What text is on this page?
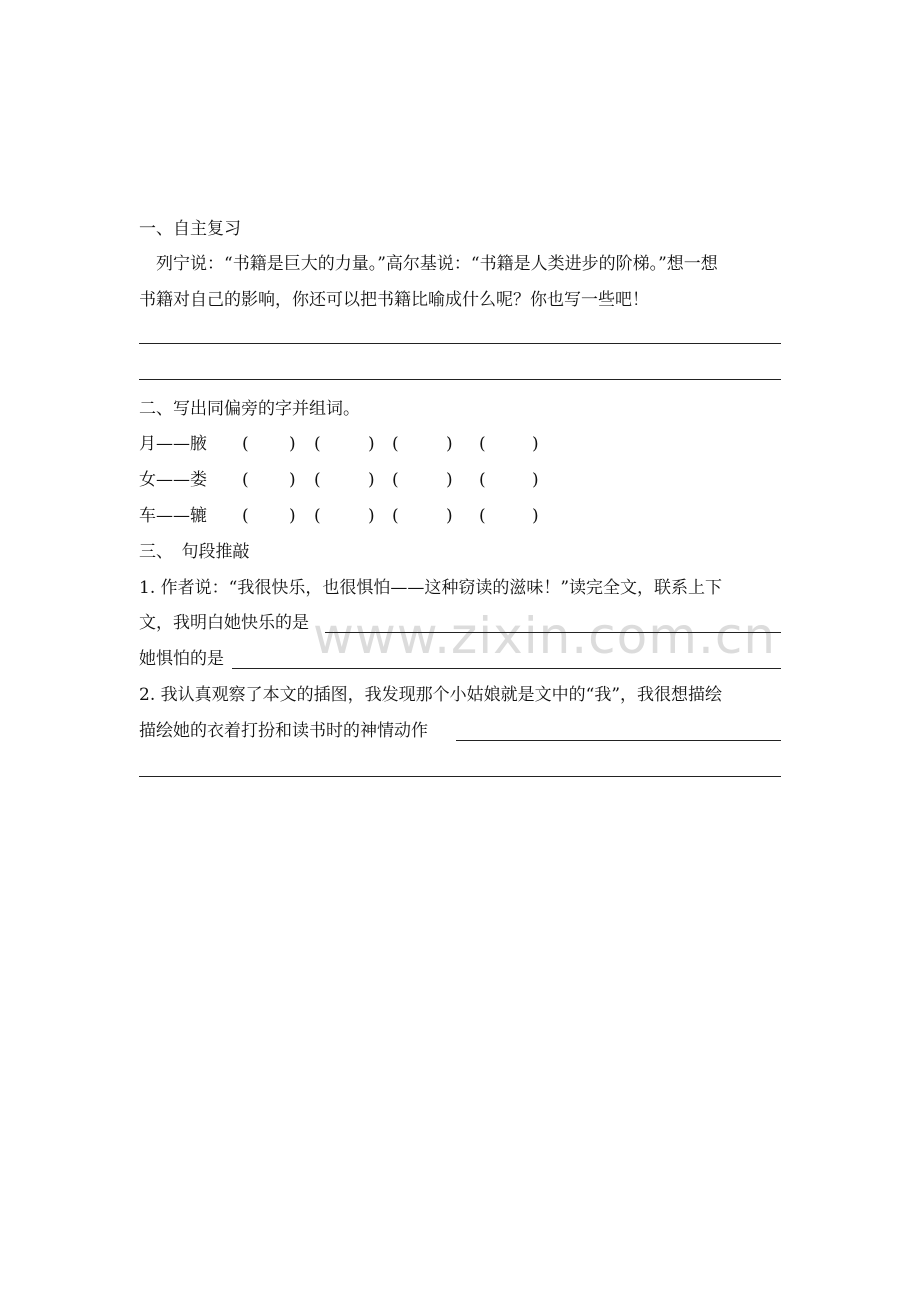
www.zixin.com.cn
一、自主复习
　列宁说：“书籍是巨大的力量。”高尔基说：“书籍是人类进步的阶梯。”想一想
书籍对自己的影响，你还可以把书籍比喻成什么呢？你也写一些吧！
二、写出同偏旁的字并组词。
月——腋 ( ) (	) (	) (	)
女——娄 ( ) (	) (	) (	)
车——辘 ( ) (	) (	) (	)
三、　句段推敲
1. 作者说：“我很快乐，也很惧怕——这种窃读的滋味！”读完全文，联系上下
文，我明白她快乐的是
她惧怕的是
2. 我认真观察了本文的插图，我发现那个小姑娘就是文中的“我”，我很想描绘
描绘她的衣着打扮和读书时的神情动作
